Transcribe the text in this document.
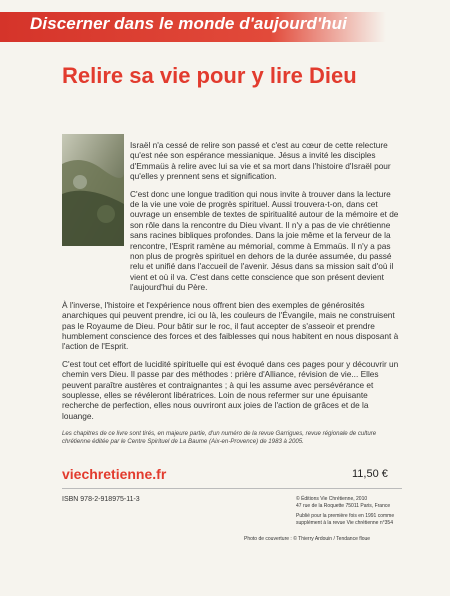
Discerner dans le monde d'aujourd'hui
Relire sa vie pour y lire Dieu

Israël n'a cessé de relire son passé et c'est au cœur de cette relecture qu'est née son espérance messianique. Jésus a invité les disciples d'Emmaüs à relire avec lui sa vie et sa mort dans l'histoire d'Israël pour qu'elles y prennent sens et signification.

C'est donc une longue tradition qui nous invite à trouver dans la lecture de la vie une voie de progrès spirituel. Aussi trouvera-t-on, dans cet ouvrage un ensemble de textes de spiritualité autour de la mémoire et de son rôle dans la rencontre du Dieu vivant. Il n'y a pas de vie chrétienne sans racines bibliques profondes. Dans la joie même et la ferveur de la rencontre, l'Esprit ramène au mémorial, comme à Emmaüs. Il n'y a pas non plus de progrès spirituel en dehors de la durée assumée, du passé relu et unifié dans l'accueil de l'avenir. Jésus dans sa mission sait d'où il vient et où il va. C'est dans cette conscience que son présent devient l'aujourd'hui du Père.

À l'inverse, l'histoire et l'expérience nous offrent bien des exemples de générosités anarchiques qui peuvent prendre, ici ou là, les couleurs de l'Évangile, mais ne construisent pas le Royaume de Dieu. Pour bâtir sur le roc, il faut accepter de s'asseoir et prendre humblement conscience des forces et des faiblesses qui nous habitent en nous disposant à l'action de l'Esprit.

C'est tout cet effort de lucidité spirituelle qui est évoqué dans ces pages pour y découvrir un chemin vers Dieu. Il passe par des méthodes : prière d'Alliance, révision de vie... Elles peuvent paraître austères et contraignantes ; à qui les assume avec persévérance et souplesse, elles se révéleront libératrices. Loin de nous refermer sur une épuisante recherche de perfection, elles nous ouvriront aux joies de l'action de grâces et de la louange.

Les chapitres de ce livre sont tirés, en majeure partie, d'un numéro de la revue Garrigues, revue régionale de culture chrétienne éditée par le Centre Spirituel de La Baume (Aix-en-Provence) de 1983 à 2005.
viechretienne.fr	11,50 €
ISBN 978-2-918975-11-3	© Éditions Vie Chrétienne, 2010
47 rue de la Roquette 75011 Paris, France
Publié pour la première fois en 1991 comme supplément à la revue Vie chrétienne n°354
Photo de couverture : © Thierry Ardouin / Tendance floue
